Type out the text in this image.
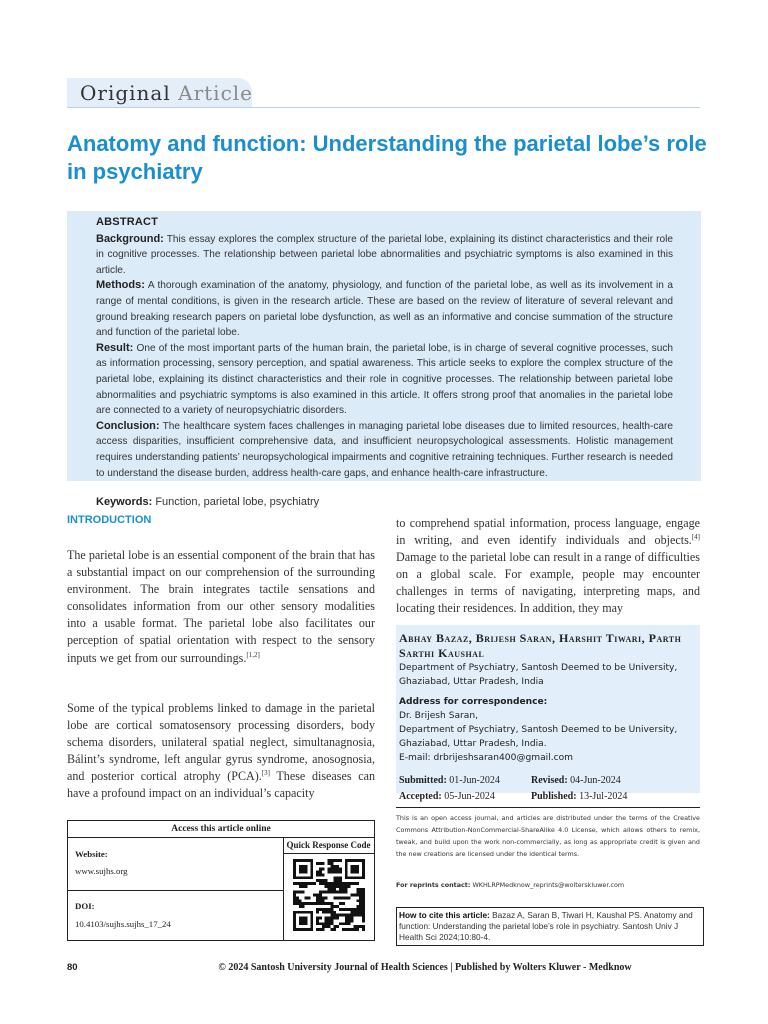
Original Article
Anatomy and function: Understanding the parietal lobe’s role in psychiatry
ABSTRACT

Background: This essay explores the complex structure of the parietal lobe, explaining its distinct characteristics and their role in cognitive processes. The relationship between parietal lobe abnormalities and psychiatric symptoms is also examined in this article.

Methods: A thorough examination of the anatomy, physiology, and function of the parietal lobe, as well as its involvement in a range of mental conditions, is given in the research article. These are based on the review of literature of several relevant and ground breaking research papers on parietal lobe dysfunction, as well as an informative and concise summation of the structure and function of the parietal lobe.

Result: One of the most important parts of the human brain, the parietal lobe, is in charge of several cognitive processes, such as information processing, sensory perception, and spatial awareness. This article seeks to explore the complex structure of the parietal lobe, explaining its distinct characteristics and their role in cognitive processes. The relationship between parietal lobe abnormalities and psychiatric symptoms is also examined in this article. It offers strong proof that anomalies in the parietal lobe are connected to a variety of neuropsychiatric disorders.

Conclusion: The healthcare system faces challenges in managing parietal lobe diseases due to limited resources, health-care access disparities, insufficient comprehensive data, and insufficient neuropsychological assessments. Holistic management requires understanding patients’ neuropsychological impairments and cognitive retraining techniques. Further research is needed to understand the disease burden, address health-care gaps, and enhance health-care infrastructure.

Keywords: Function, parietal lobe, psychiatry

INTRODUCTION

The parietal lobe is an essential component of the brain that has a substantial impact on our comprehension of the surrounding environment. The brain integrates tactile sensations and consolidates information from our other sensory modalities into a usable format. The parietal lobe also facilitates our perception of spatial orientation with respect to the sensory inputs we get from our surroundings.[1,2]

Some of the typical problems linked to damage in the parietal lobe are cortical somatosensory processing disorders, body schema disorders, unilateral spatial neglect, simultanagnosia, Bálint’s syndrome, left angular gyrus syndrome, anosognosia, and posterior cortical atrophy (PCA).[3] These diseases can have a profound impact on an individual’s capacity

to comprehend spatial information, process language, engage in writing, and even identify individuals and objects.[4] Damage to the parietal lobe can result in a range of difficulties on a global scale. For example, people may encounter challenges in terms of navigating, interpreting maps, and locating their residences. In addition, they may

Abhay Bazaz, Brijesh Saran, Harshit Tiwari, Parth Sarthi Kaushal
Department of Psychiatry, Santosh Deemed to be University, Ghaziabad, Uttar Pradesh, India
Address for correspondence:
Dr. Brijesh Saran,
Department of Psychiatry, Santosh Deemed to be University,
Ghaziabad, Uttar Pradesh, India.
E-mail: drbrijeshsaran400@gmail.com
Submitted: 01-Jun-2024	Revised: 04-Jun-2024
Accepted: 05-Jun-2024	Published: 13-Jul-2024
This is an open access journal, and articles are distributed under the terms of the Creative Commons Attribution-NonCommercial-ShareAlike 4.0 License, which allows others to remix, tweak, and build upon the work non-commercially, as long as appropriate credit is given and the new creations are licensed under the identical terms.
For reprints contact: WKHLRPMedknow_reprints@wolterskluwer.com
How to cite this article: Bazaz A, Saran B, Tiwari H, Kaushal PS. Anatomy and function: Understanding the parietal lobe’s role in psychiatry. Santosh Univ J Health Sci 2024;10:80-4.
Access this article online
Website:
www.sujhs.org
DOI:
10.4103/sujhs.sujhs_17_24
Quick Response Code
80	© 2024 Santosh University Journal of Health Sciences | Published by Wolters Kluwer - Medknow
